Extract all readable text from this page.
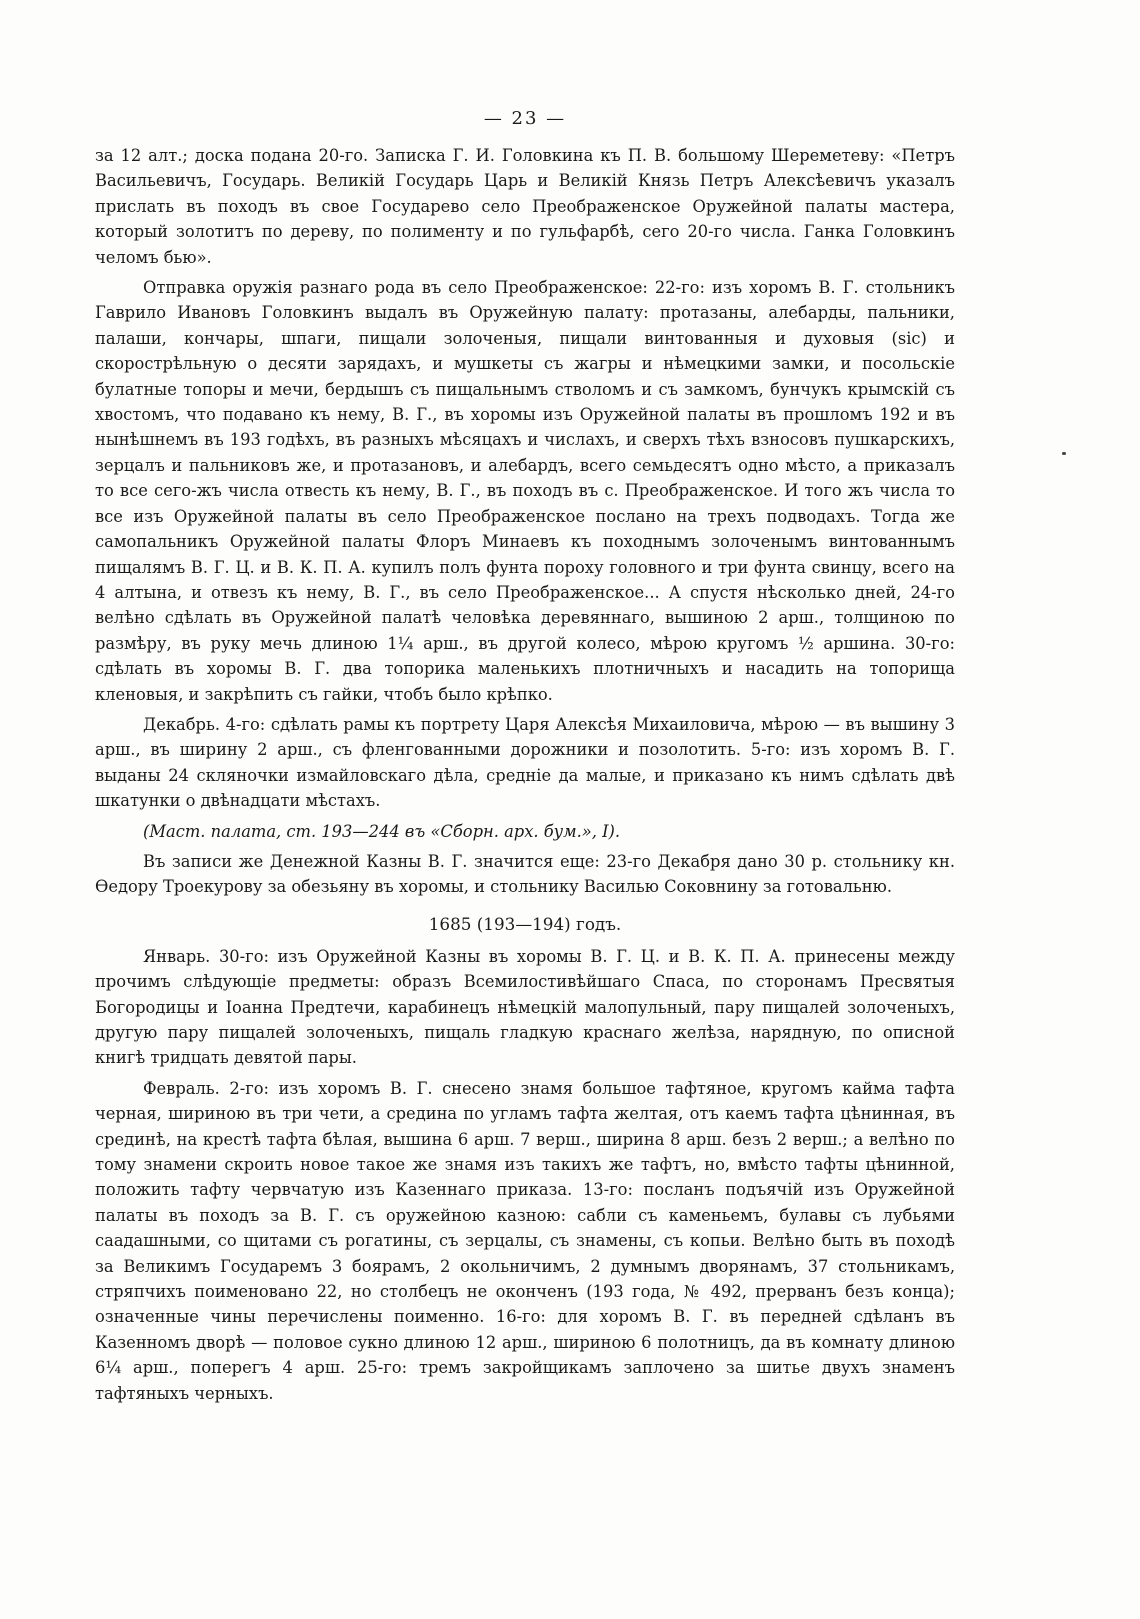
— 23 —

за 12 алт.; доска подана 20-го. Записка Г. И. Головкина къ П. В. большому Шереметеву: «Петръ Васильевичъ, Государь. Великій Государь Царь и Великій Князь Петръ Алексѣевичъ указалъ прислать въ походъ въ свое Государево село Преображенское Оружейной палаты мастера, который золотитъ по дереву, по полименту и по гульфарбѣ, сего 20-го числа. Ганка Головкинъ челомъ бью».

Отправка оружія разнаго рода въ село Преображенское: 22-го: изъ хоромъ В. Г. стольникъ Гаврило Ивановъ Головкинъ выдалъ въ Оружейную палату: протазаны, алебарды, пальники, палаши, кончары, шпаги, пищали золоченыя, пищали винтованныя и духовыя (sic) и скорострѣльную о десяти зарядахъ, и мушкеты съ жагры и нѣмецкими замки, и посольскіе булатные топоры и мечи, бердышъ съ пищальнымъ стволомъ и съ замкомъ, бунчукъ крымскій съ хвостомъ, что подавано къ нему, В. Г., въ хоромы изъ Оружейной палаты въ прошломъ 192 и въ нынѣшнемъ въ 193 годѣхъ, въ разныхъ мѣсяцахъ и числахъ, и сверхъ тѣхъ взносовъ пушкарскихъ, зерцалъ и пальниковъ же, и протазановъ, и алебардъ, всего семьдесятъ одно мѣсто, а приказалъ то все сего-жъ числа отвесть къ нему, В. Г., въ походъ въ с. Преображенское. И того жъ числа то все изъ Оружейной палаты въ село Преображенское послано на трехъ подводахъ. Тогда же самопальникъ Оружейной палаты Флоръ Минаевъ къ походнымъ золоченымъ винтованнымъ пищалямъ В. Г. Ц. и В. К. П. А. купилъ полъ фунта пороху головного и три фунта свинцу, всего на 4 алтына, и отвезъ къ нему, В. Г., въ село Преображенское... А спустя нѣсколько дней, 24-го велѣно сдѣлать въ Оружейной палатѣ человѣка деревяннаго, вышиною 2 арш., толщиною по размѣру, въ руку мечь длиною 1¼ арш., въ другой колесо, мѣрою кругомъ ½ аршина. 30-го: сдѣлать въ хоромы В. Г. два топорика маленькихъ плотничныхъ и насадить на топорища кленовыя, и закрѣпить съ гайки, чтобъ было крѣпко.

Декабрь. 4-го: сдѣлать рамы къ портрету Царя Алексѣя Михаиловича, мѣрою — въ вышину 3 арш., въ ширину 2 арш., съ фленгованными дорожники и позолотить. 5-го: изъ хоромъ В. Г. выданы 24 скляночки измайловскаго дѣла, средніе да малые, и приказано къ нимъ сдѣлать двѣ шкатунки о двѣнадцати мѣстахъ.

(Маст. палата, ст. 193—244 въ «Сборн. арх. бум.», I).

Въ записи же Денежной Казны В. Г. значится еще: 23-го Декабря дано 30 р. стольнику кн. Ѳедору Троекурову за обезьяну въ хоромы, и стольнику Василью Соковнину за готовальню.

1685 (193—194) годъ.

Январь. 30-го: изъ Оружейной Казны въ хоромы В. Г. Ц. и В. К. П. А. принесены между прочимъ слѣдующіе предметы: образъ Всемилостивѣйшаго Спаса, по сторонамъ Пресвятыя Богородицы и Іоанна Предтечи, карабинецъ нѣмецкій малопульный, пару пищалей золоченыхъ, другую пару пищалей золоченыхъ, пищаль гладкую краснаго желѣза, нарядную, по описной книгѣ тридцать девятой пары.

Февраль. 2-го: изъ хоромъ В. Г. снесено знамя большое тафтяное, кругомъ кайма тафта черная, шириною въ три чети, а средина по угламъ тафта желтая, отъ каемъ тафта цѣнинная, въ срединѣ, на крестѣ тафта бѣлая, вышина 6 арш. 7 верш., ширина 8 арш. безъ 2 верш.; а велѣно по тому знамени скроить новое такое же знамя изъ такихъ же тафтъ, но, вмѣсто тафты цѣнинной, положить тафту червчатую изъ Казеннаго приказа. 13-го: посланъ подъячій изъ Оружейной палаты въ походъ за В. Г. съ оружейною казною: сабли съ каменьемъ, булавы съ лубьями саадашными, со щитами съ рогатины, съ зерцалы, съ знамены, съ копьи. Велѣно быть въ походѣ за Великимъ Государемъ 3 боярамъ, 2 окольничимъ, 2 думнымъ дворянамъ, 37 стольникамъ, стряпчихъ поименовано 22, но столбецъ не оконченъ (193 года, № 492, прерванъ безъ конца); означенные чины перечислены поименно. 16-го: для хоромъ В. Г. въ передней сдѣланъ въ Казенномъ дворѣ — половое сукно длиною 12 арш., шириною 6 полотницъ, да въ комнату длиною 6¼ арш., поперегъ 4 арш. 25-го: тремъ закройщикамъ заплочено за шитье двухъ знаменъ тафтяныхъ черныхъ.
